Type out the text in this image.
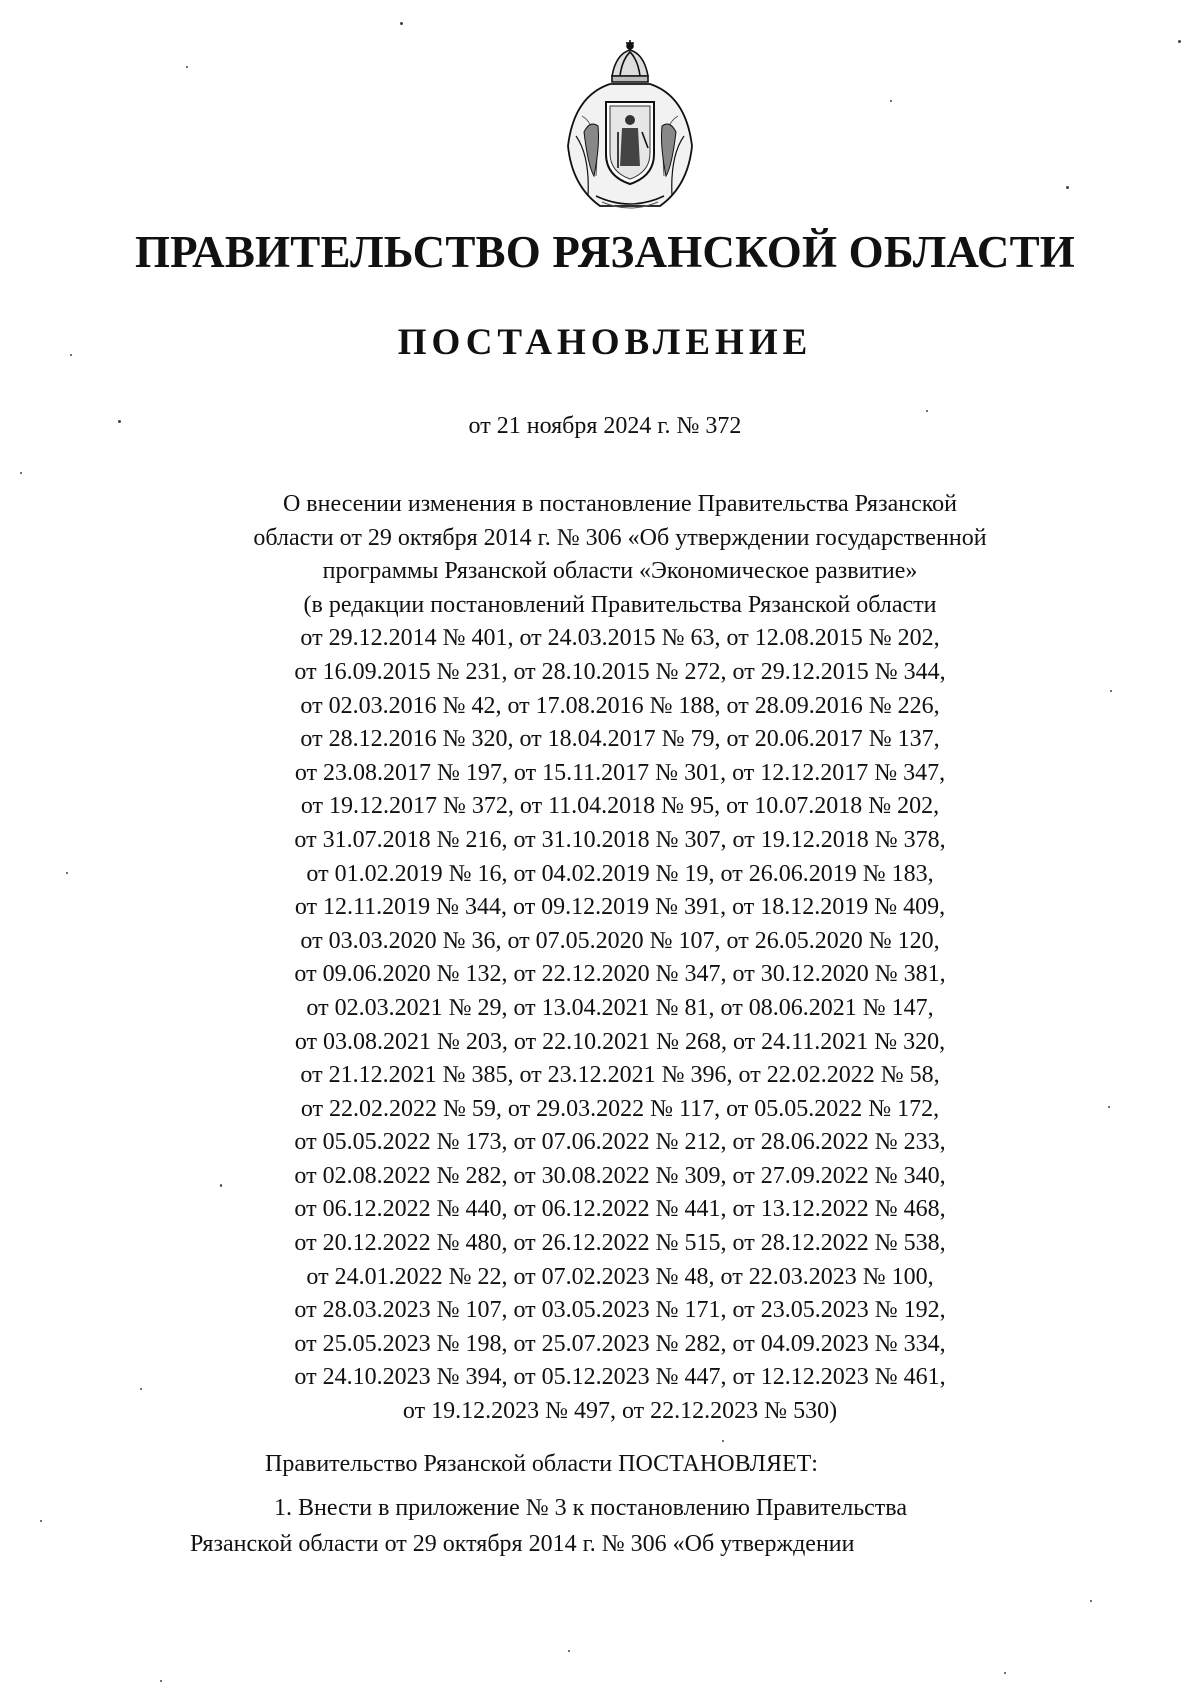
ПРАВИТЕЛЬСТВО РЯЗАНСКОЙ ОБЛАСТИ
ПОСТАНОВЛЕНИЕ
от 21 ноября 2024 г. № 372
О внесении изменения в постановление Правительства Рязанской
области от 29 октября 2014 г. № 306 «Об утверждении государственной
программы Рязанской области «Экономическое развитие»
(в редакции постановлений Правительства Рязанской области
от 29.12.2014 № 401, от 24.03.2015 № 63, от 12.08.2015 № 202,
от 16.09.2015 № 231, от 28.10.2015 № 272, от 29.12.2015 № 344,
от 02.03.2016 № 42, от 17.08.2016 № 188, от 28.09.2016 № 226,
от 28.12.2016 № 320, от 18.04.2017 № 79, от 20.06.2017 № 137,
от 23.08.2017 № 197, от 15.11.2017 № 301, от 12.12.2017 № 347,
от 19.12.2017 № 372, от 11.04.2018 № 95, от 10.07.2018 № 202,
от 31.07.2018 № 216, от 31.10.2018 № 307, от 19.12.2018 № 378,
от 01.02.2019 № 16, от 04.02.2019 № 19, от 26.06.2019 № 183,
от 12.11.2019 № 344, от 09.12.2019 № 391, от 18.12.2019 № 409,
от 03.03.2020 № 36, от 07.05.2020 № 107, от 26.05.2020 № 120,
от 09.06.2020 № 132, от 22.12.2020 № 347, от 30.12.2020 № 381,
от 02.03.2021 № 29, от 13.04.2021 № 81, от 08.06.2021 № 147,
от 03.08.2021 № 203, от 22.10.2021 № 268, от 24.11.2021 № 320,
от 21.12.2021 № 385, от 23.12.2021 № 396, от 22.02.2022 № 58,
от 22.02.2022 № 59, от 29.03.2022 № 117, от 05.05.2022 № 172,
от 05.05.2022 № 173, от 07.06.2022 № 212, от 28.06.2022 № 233,
от 02.08.2022 № 282, от 30.08.2022 № 309, от 27.09.2022 № 340,
от 06.12.2022 № 440, от 06.12.2022 № 441, от 13.12.2022 № 468,
от 20.12.2022 № 480, от 26.12.2022 № 515, от 28.12.2022 № 538,
от 24.01.2022 № 22, от 07.02.2023 № 48, от 22.03.2023 № 100,
от 28.03.2023 № 107, от 03.05.2023 № 171, от 23.05.2023 № 192,
от 25.05.2023 № 198, от 25.07.2023 № 282, от 04.09.2023 № 334,
от 24.10.2023 № 394, от 05.12.2023 № 447, от 12.12.2023 № 461,
от 19.12.2023 № 497, от 22.12.2023 № 530)
Правительство Рязанской области ПОСТАНОВЛЯЕТ:
1. Внести в приложение № 3 к постановлению Правительства
Рязанской области от 29 октября 2014 г. № 306 «Об утверждении
